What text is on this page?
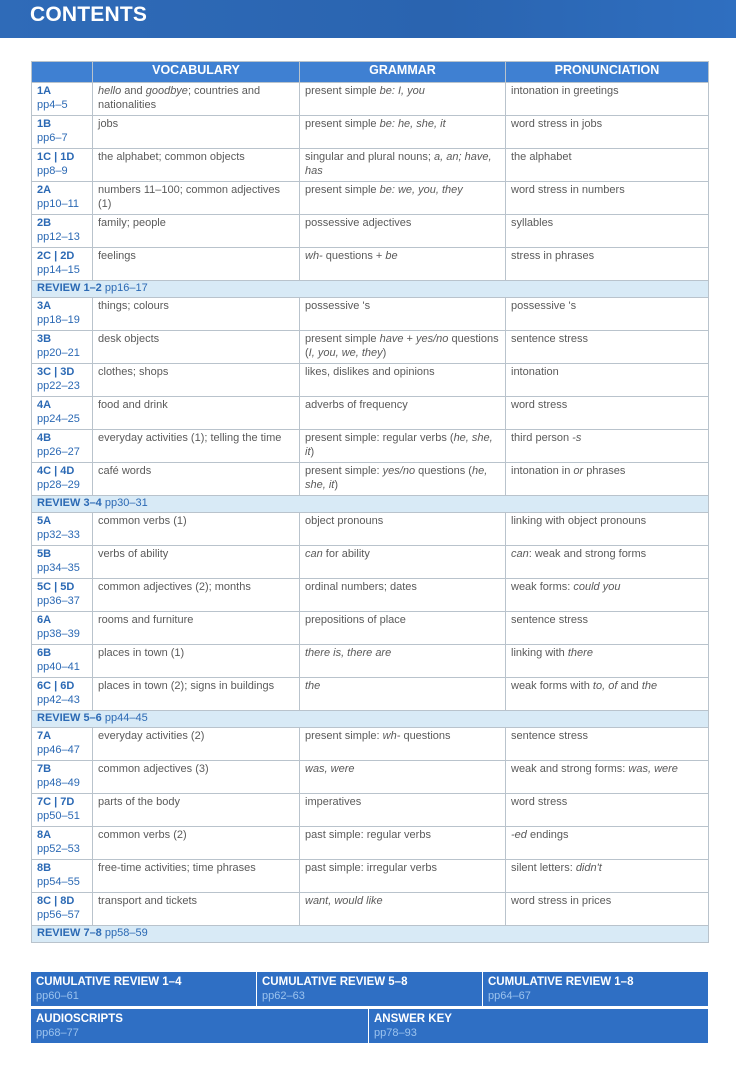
CONTENTS
	VOCABULARY	GRAMMAR	PRONUNCIATION

1A
pp4–5	hello and goodbye; countries and nationalities	present simple be: I, you	intonation in greetings

1B
pp6–7	jobs	present simple be: he, she, it	word stress in jobs

1C | 1D
pp8–9	the alphabet; common objects	singular and plural nouns; a, an; have, has	the alphabet

2A
pp10–11	numbers 11–100; common adjectives (1)	present simple be: we, you, they	word stress in numbers

2B
pp12–13	family; people	possessive adjectives	syllables

2C | 2D
pp14–15	feelings	wh- questions + be	stress in phrases
REVIEW 1–2 pp16–17			

3A
pp18–19	things; colours	possessive 's	possessive 's

3B
pp20–21	desk objects	present simple have + yes/no questions (I, you, we, they)	sentence stress

3C | 3D
pp22–23	clothes; shops	likes, dislikes and opinions	intonation

4A
pp24–25	food and drink	adverbs of frequency	word stress

4B
pp26–27	everyday activities (1); telling the time	present simple: regular verbs (he, she, it)	third person -s

4C | 4D
pp28–29	café words	present simple: yes/no questions (he, she, it)	intonation in or phrases
REVIEW 3–4 pp30–31			

5A
pp32–33	common verbs (1)	object pronouns	linking with object pronouns

5B
pp34–35	verbs of ability	can for ability	can: weak and strong forms

5C | 5D
pp36–37	common adjectives (2); months	ordinal numbers; dates	weak forms: could you

6A
pp38–39	rooms and furniture	prepositions of place	sentence stress

6B
pp40–41	places in town (1)	there is, there are	linking with there

6C | 6D
pp42–43	places in town (2); signs in buildings	the	weak forms with to, of and the
REVIEW 5–6 pp44–45			

7A
pp46–47	everyday activities (2)	present simple: wh- questions	sentence stress

7B
pp48–49	common adjectives (3)	was, were	weak and strong forms: was, were

7C | 7D
pp50–51	parts of the body	imperatives	word stress

8A
pp52–53	common verbs (2)	past simple: regular verbs	-ed endings

8B
pp54–55	free-time activities; time phrases	past simple: irregular verbs	silent letters: didn't

8C | 8D
pp56–57	transport and tickets	want, would like	word stress in prices
REVIEW 7–8 pp58–59			
CUMULATIVE REVIEW 1–4
pp60–61
CUMULATIVE REVIEW 5–8
pp62–63
CUMULATIVE REVIEW 1–8
pp64–67
AUDIOSCRIPTS
pp68–77
ANSWER KEY
pp78–93
